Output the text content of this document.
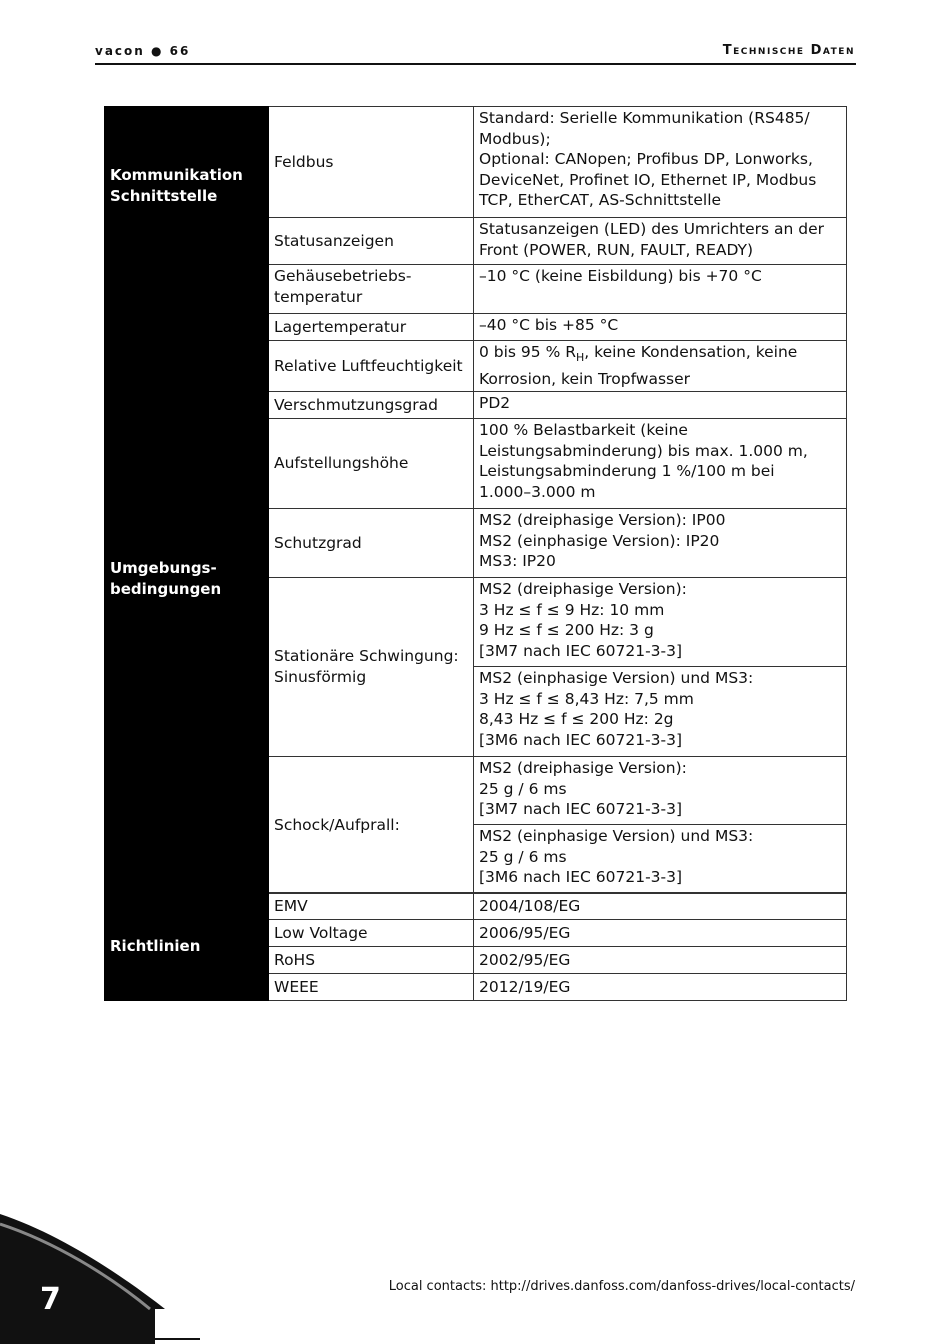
vacon ● 66	Technische Daten
Kommunikation
Schnittstelle	Feldbus	Standard: Serielle Kommunikation (RS485/
Modbus);
Optional: CANopen; Profibus DP, Lonworks,
DeviceNet, Profinet IO, Ethernet IP, Modbus
TCP, EtherCAT, AS-Schnittstelle

	Statusanzeigen	Statusanzeigen (LED) des Umrichters an der
Front (POWER, RUN, FAULT, READY)

Umgebungs-
bedingungen	Gehäusebetriebs-
temperatur	–10 °C (keine Eisbildung) bis +70 °C
	Lagertemperatur	–40 °C bis +85 °C
	Relative Luftfeuchtigkeit	0 bis 95 % $R_H$, keine Kondensation, keine
Korrosion, kein Tropfwasser

	Verschmutzungsgrad	PD2
	Aufstellungshöhe	100 % Belastbarkeit (keine
Leistungsabminderung) bis max. 1.000 m,
Leistungsabminderung 1 %/100 m bei
1.000–3.000 m

	Schutzgrad	MS2 (dreiphasige Version): IP00
MS2 (einphasige Version): IP20
MS3: IP20

	Stationäre Schwingung:
Sinusförmig	MS2 (dreiphasige Version):
3 Hz ≤ f ≤ 9 Hz: 10 mm
9 Hz ≤ f ≤ 200 Hz: 3 g
[3M7 nach IEC 60721-3-3]

		MS2 (einphasige Version) und MS3:
3 Hz ≤ f ≤ 8,43 Hz: 7,5 mm
8,43 Hz ≤ f ≤ 200 Hz: 2g
[3M6 nach IEC 60721-3-3]

	Schock/Aufprall:	MS2 (dreiphasige Version):
25 g / 6 ms
[3M7 nach IEC 60721-3-3]

		MS2 (einphasige Version) und MS3:
25 g / 6 ms
[3M6 nach IEC 60721-3-3]
Richtlinien	EMV	2004/108/EG
	Low Voltage	2006/95/EG
	RoHS	2002/95/EG
	WEEE	2012/19/EG
Local contacts: http://drives.danfoss.com/danfoss-drives/local-contacts/
7
